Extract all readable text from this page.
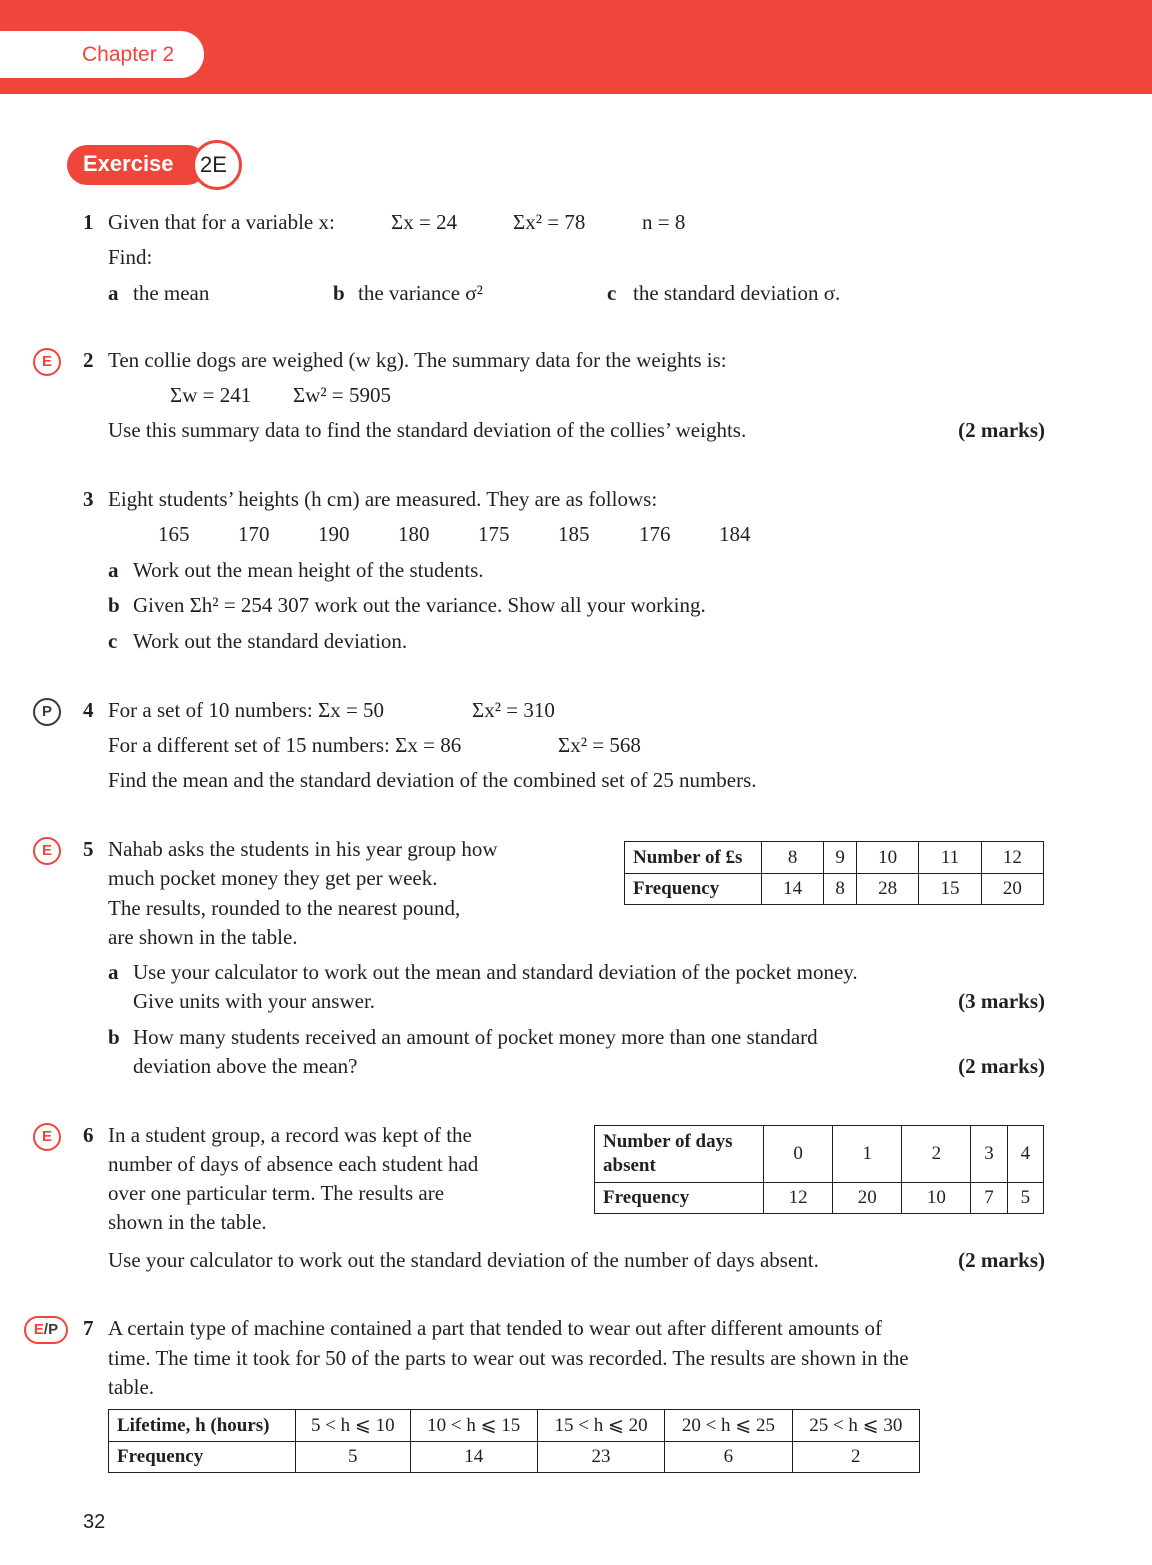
Chapter 2
Exercise 2E
1 Given that for a variable x:	Σx = 24	Σx² = 78	n = 8
Find:
a the mean	b the variance σ²	c the standard deviation σ.
E	2 Ten collie dogs are weighed (w kg). The summary data for the weights is:
Σw = 241 Σw² = 5905
Use this summary data to find the standard deviation of the collies’ weights.	(2 marks)
3 Eight students’ heights (h cm) are measured. They are as follows:
165 170 190 180 175 185 176 184
a Work out the mean height of the students.
b Given Σh² = 254 307 work out the variance. Show all your working.
c Work out the standard deviation.
P	4 For a set of 10 numbers: Σx = 50	Σx² = 310
For a different set of 15 numbers: Σx = 86	Σx² = 568
Find the mean and the standard deviation of the combined set of 25 numbers.
E	5 Nahab asks the students in his year group how
much pocket money they get per week.
The results, rounded to the nearest pound,
are shown in the table.
Number of £s	8	9	10	11	12
Frequency	14	8	28	15	20
a Use your calculator to work out the mean and standard deviation of the pocket money.
Give units with your answer.	(3 marks)
b How many students received an amount of pocket money more than one standard
deviation above the mean?	(2 marks)
E	6 In a student group, a record was kept of the
number of days of absence each student had
over one particular term. The results are
shown in the table.
Number of days
absent	0	1	2	3	4
Frequency	12	20	10	7	5
Use your calculator to work out the standard deviation of the number of days absent.	(2 marks)
E/P	7 A certain type of machine contained a part that tended to wear out after different amounts of
time. The time it took for 50 of the parts to wear out was recorded. The results are shown in the
table.
Lifetime, h (hours)	5 < h ⩽ 10	10 < h ⩽ 15	15 < h ⩽ 20	20 < h ⩽ 25	25 < h ⩽ 30
Frequency	5	14	23	6	2
32
